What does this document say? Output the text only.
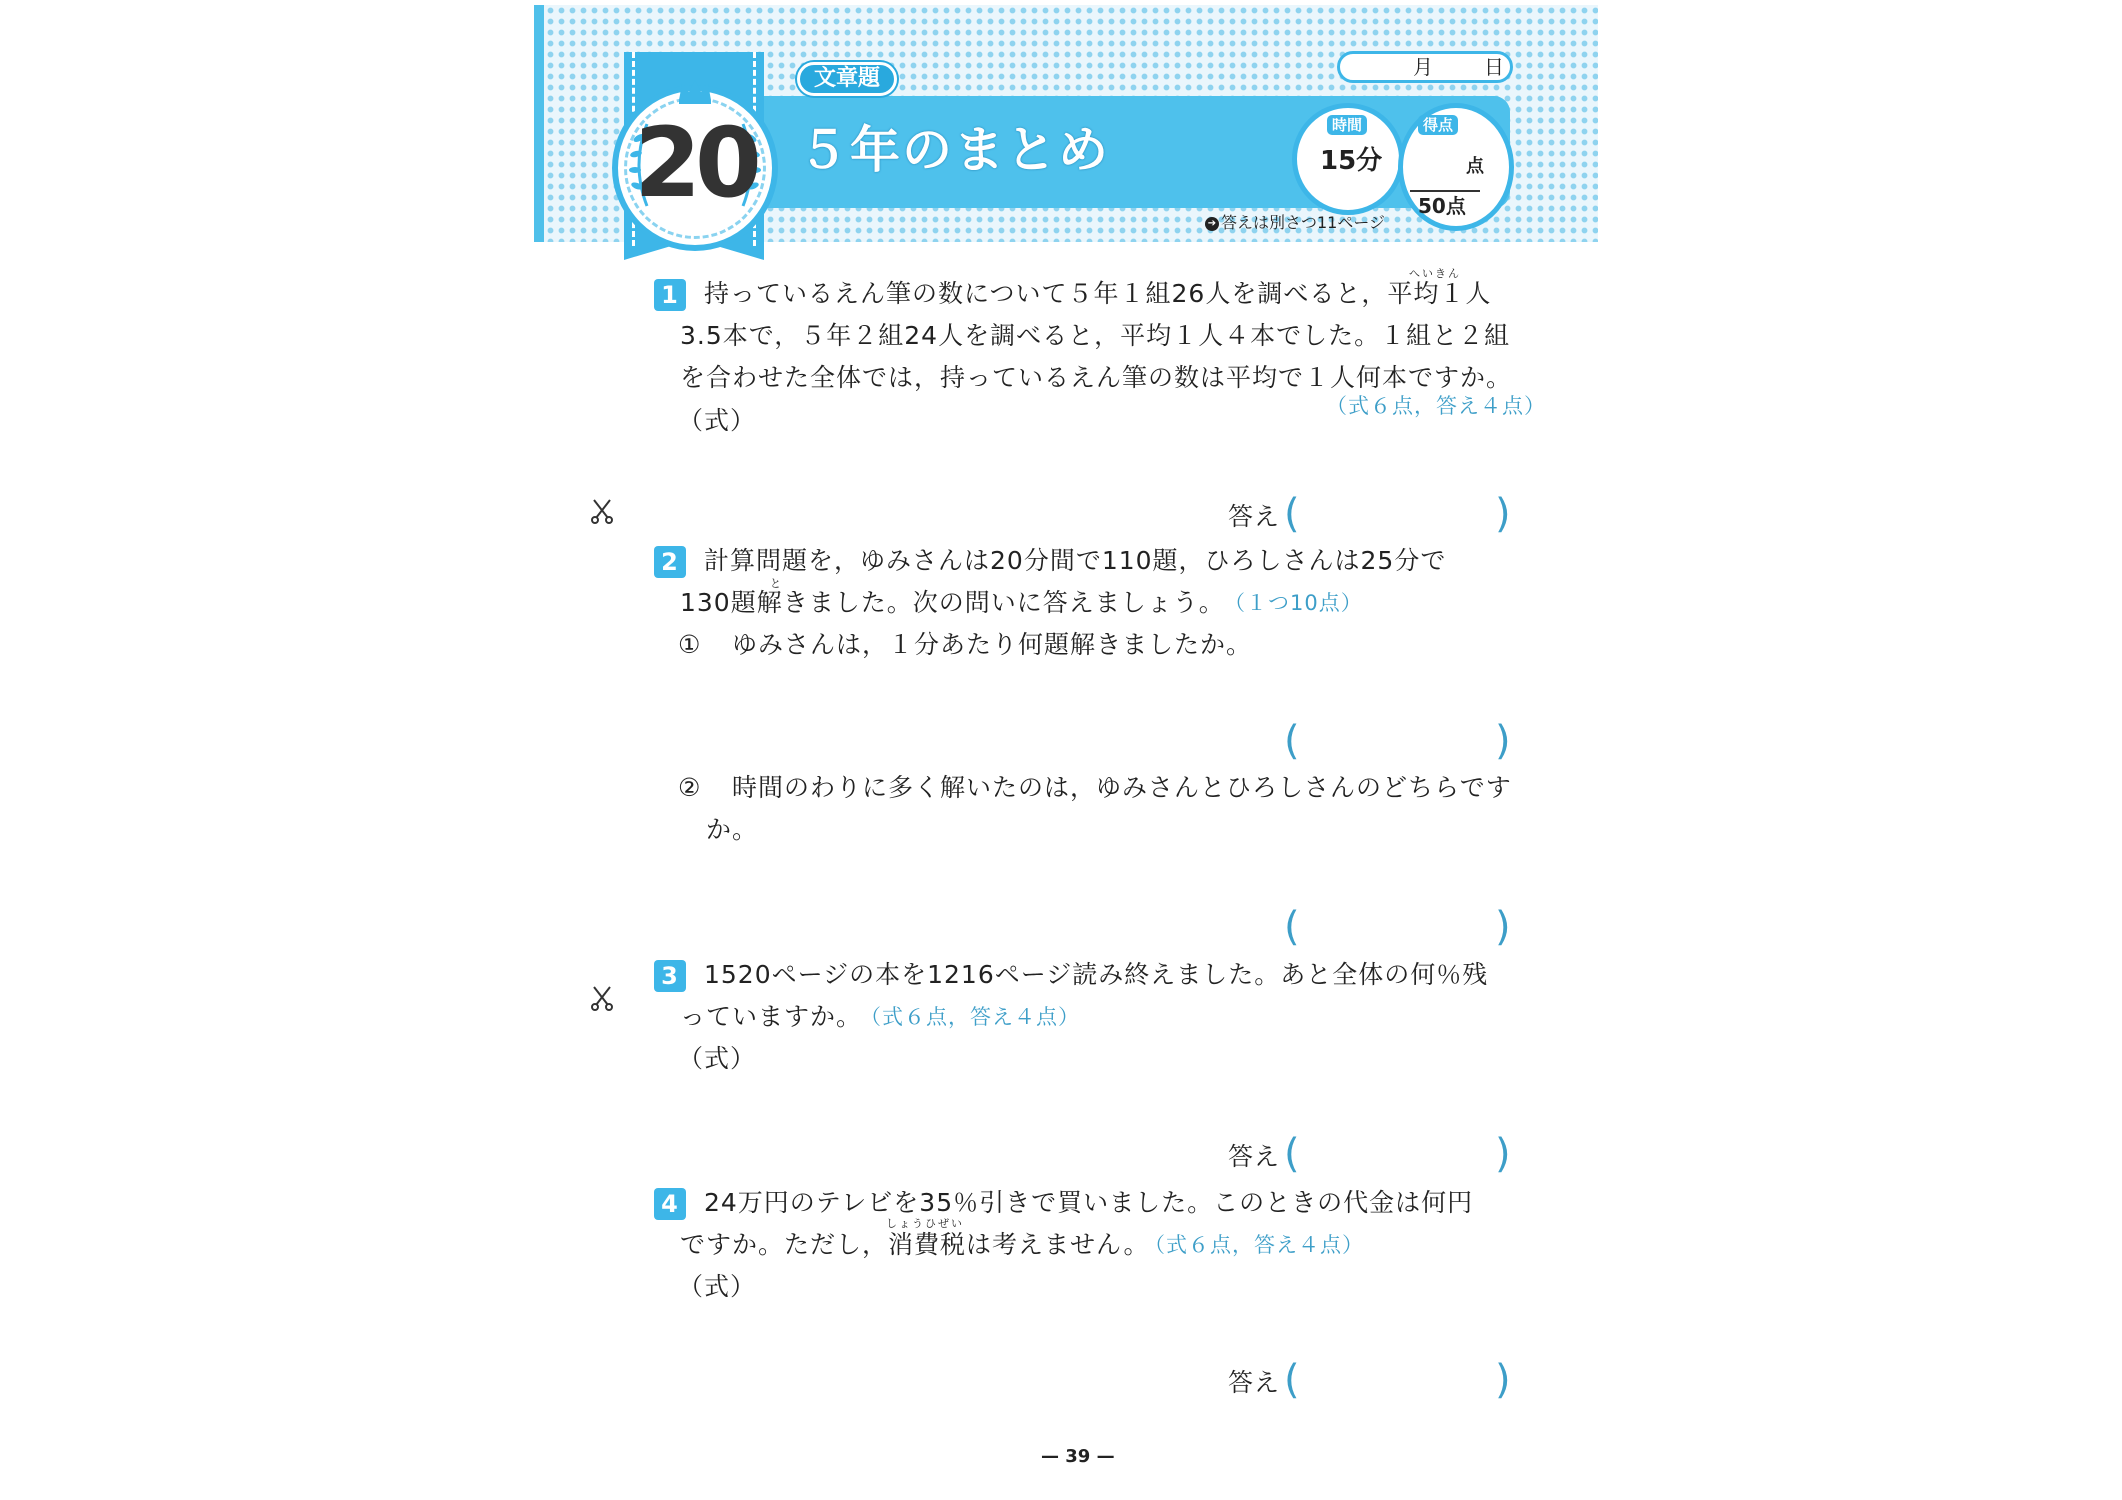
20
文章題
５年のまとめ
月	日
時間
15分
得点
点
50点
➔ 答えは別さつ11ページ
1
へいきん
持っているえん筆の数について５年１組26人を調べると，平均１人
3.5本で，５年２組24人を調べると，平均１人４本でした。１組と２組
を合わせた全体では，持っているえん筆の数は平均で１人何本ですか。
（式６点，答え４点）
（式）
答え (	)
2 計算問題を，ゆみさんは20分間で110題，ひろしさんは25分で
と
130題解きました。次の問いに答えましょう。 （１つ10点）
① ゆみさんは，１分あたり何題解きましたか。
(	)
② 時間のわりに多く解いたのは，ゆみさんとひろしさんのどちらです
か。
(	)
3 1520ページの本を1216ページ読み終えました。あと全体の何％残
っていますか。
（式６点，答え４点）
（式）
答え (	)
4 24万円のテレビを35％引きで買いました。このときの代金は何円
しょうひぜい
ですか。ただし，消費税は考えません。
（式６点，答え４点）
（式）
答え (	)
— 39 —
